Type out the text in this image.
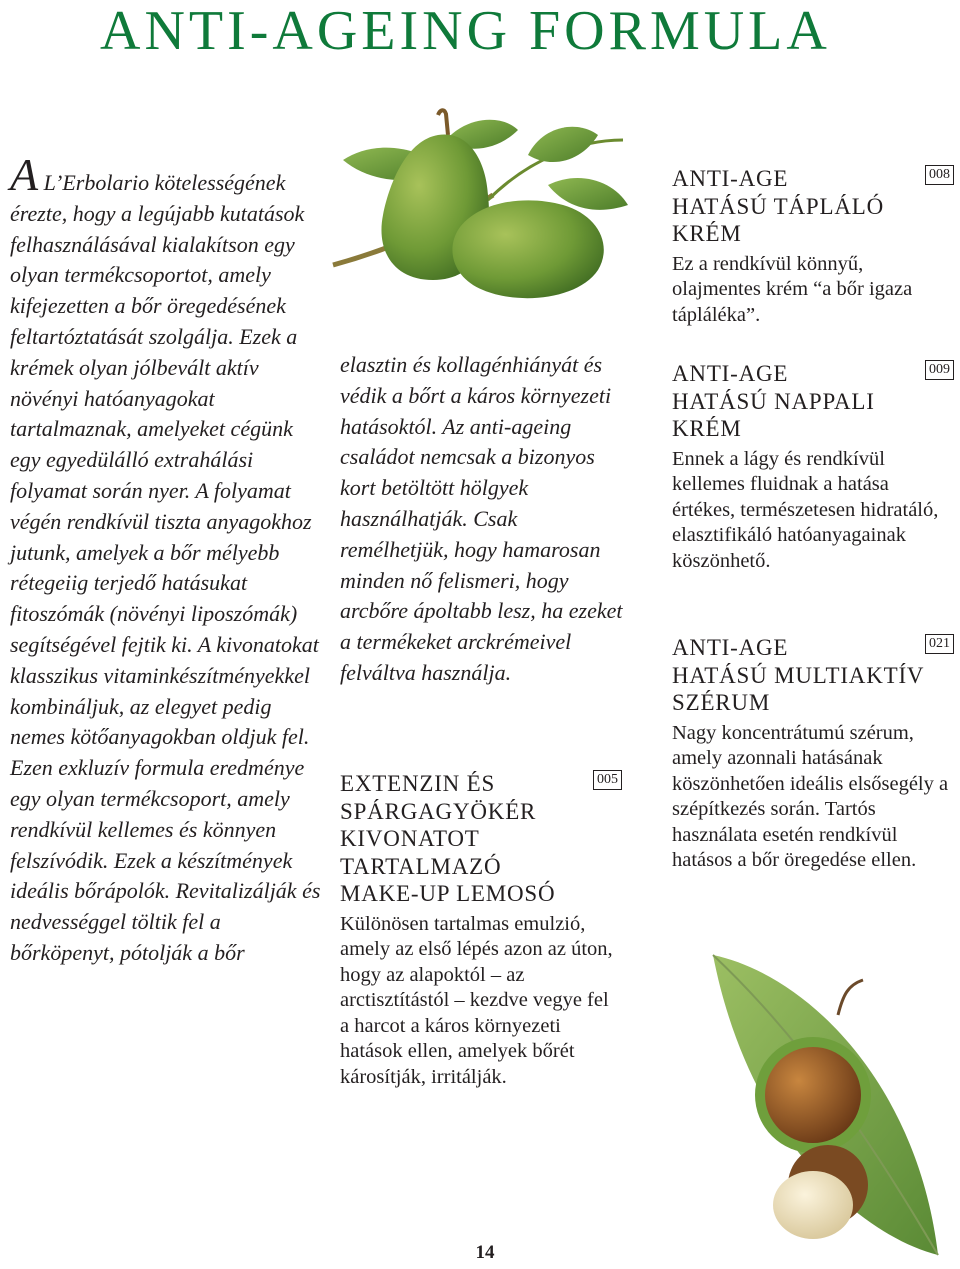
ANTI-AGEING FORMULA

A L’Erbolario kötelességének érezte, hogy a legújabb kutatások felhasználásával kialakítson egy olyan termékcsoportot, amely kifejezetten a bőr öregedésének feltartóztatását szolgálja. Ezek a krémek olyan jólbevált aktív növényi hatóanyagokat tartalmaznak, amelyeket cégünk egy egyedülálló extrahálási folyamat során nyer. A folyamat végén rendkívül tiszta anyagokhoz jutunk, amelyek a bőr mélyebb rétegeiig terjedő hatásukat fitoszómák (növényi liposzómák) segítségével fejtik ki. A kivonatokat klasszikus vitaminkészítményekkel kombináljuk, az elegyet pedig nemes kötőanyagokban oldjuk fel. Ezen exkluzív formula eredménye egy olyan termékcsoport, amely rendkívül kellemes és könnyen felszívódik. Ezek a készítmények ideális bőrápolók. Revitalizálják és nedvességgel töltik fel a bőrköpenyt, pótolják a bőr

elasztin és kollagénhiányát és védik a bőrt a káros környezeti hatásoktól. Az anti-ageing családot nemcsak a bizonyos kort betöltött hölgyek használhatják. Csak remélhetjük, hogy hamarosan minden nő felismeri, hogy arcbőre ápoltabb lesz, ha ezeket a termékeket arckrémeivel felváltva használja.

005
EXTENZIN ÉS
SPÁRGAGYÖKÉR
KIVONATOT
TARTALMAZÓ
MAKE-UP LEMOSÓ

Különösen tartalmas emulzió, amely az első lépés azon az úton, hogy az alapoktól – az arctisztítástól – kezdve vegye fel a harcot a káros környezeti hatások ellen, amelyek bőrét károsítják, irritálják.

008
ANTI-AGE
HATÁSÚ TÁPLÁLÓ
KRÉM

Ez a rendkívül könnyű, olajmentes krém “a bőr igaza tápláléka”.

009
ANTI-AGE
HATÁSÚ NAPPALI
KRÉM

Ennek a lágy és rendkívül kellemes fluidnak a hatása értékes, természetesen hidratáló, elasztifikáló hatóanyagainak köszönhető.

021
ANTI-AGE
HATÁSÚ MULTIAKTÍV
SZÉRUM

Nagy koncentrátumú szérum, amely azonnali hatásának köszönhetően ideális elsősegély a szépítkezés során. Tartós használata esetén rendkívül hatásos a bőr öregedése ellen.

14
